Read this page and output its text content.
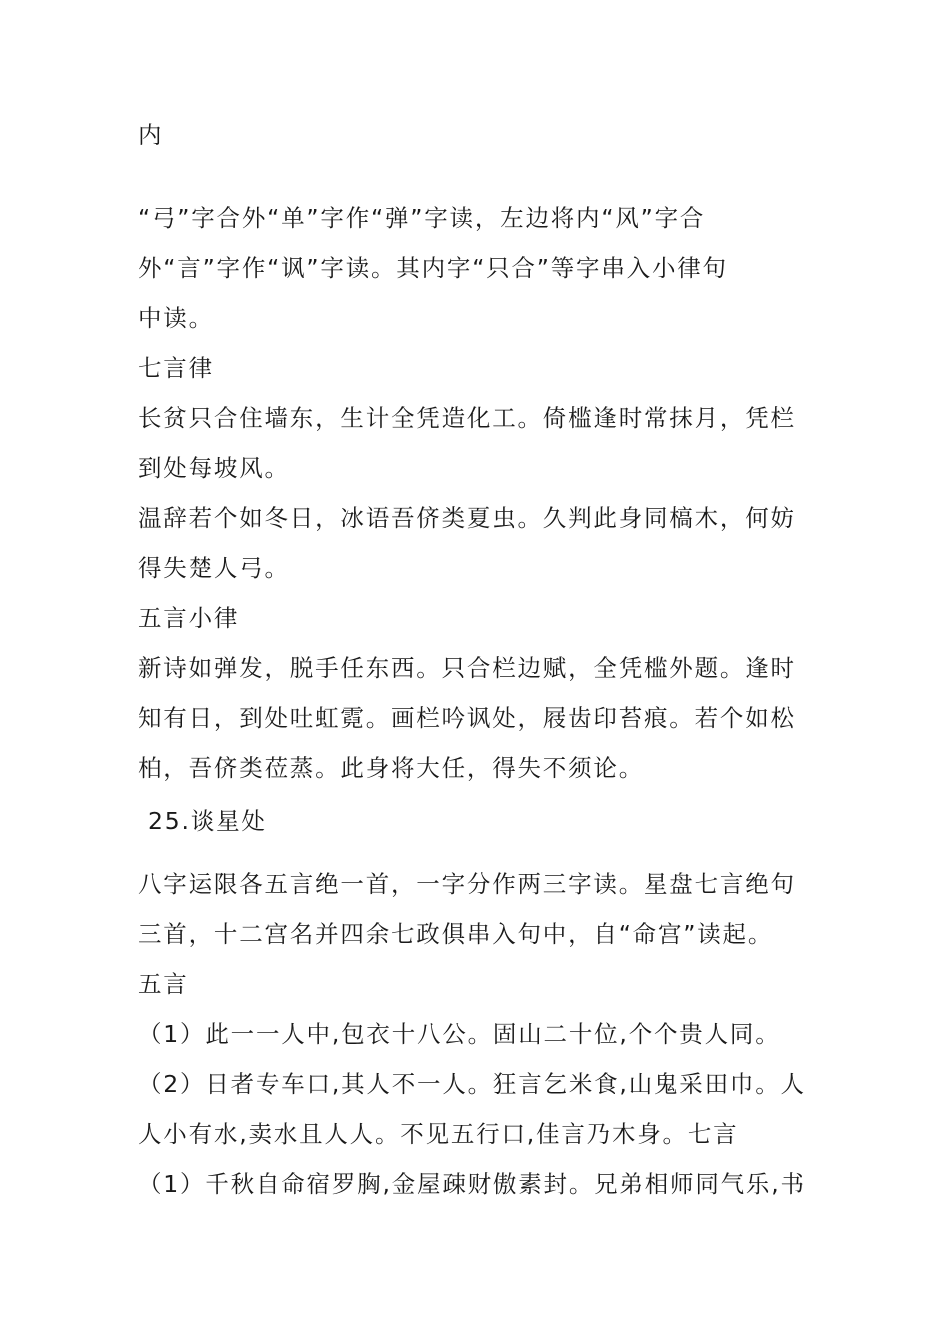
内
“弓”字合外“单”字作“弹”字读，左边将内“风”字合
外“言”字作“讽”字读。其内字“只合”等字串入小律句
中读。
七言律
长贫只合住墙东，生计全凭造化工。倚槛逢时常抹月，凭栏
到处每坡风。
温辞若个如冬日，冰语吾侪类夏虫。久判此身同槁木，何妨
得失楚人弓。
五言小律
新诗如弹发，脱手任东西。只合栏边赋，全凭槛外题。逢时
知有日，到处吐虹霓。画栏吟讽处，屐齿印苔痕。若个如松
柏，吾侪类莅蒸。此身将大任，得失不须论。
25.谈星处
八字运限各五言绝一首，一字分作两三字读。星盘七言绝句
三首，十二宫名并四余七政俱串入句中，自“命宫”读起。
五言
（1）此一一人中,包衣十八公。固山二十位,个个贵人同。
（2）日者专车口,其人不一人。狂言乞米食,山鬼采田巾。人
人小有水,卖水且人人。不见五行口,佳言乃木身。七言
（1）千秋自命宿罗胸,金屋疎财傲素封。兄弟相师同气乐,书
